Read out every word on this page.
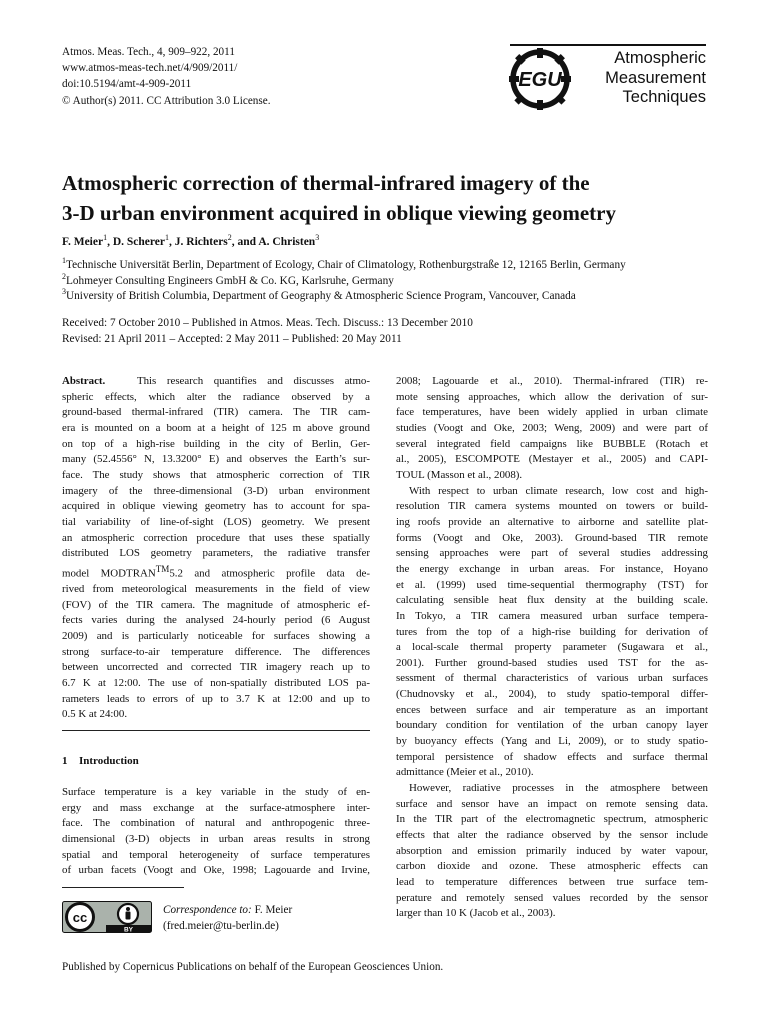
Atmos. Meas. Tech., 4, 909–922, 2011
www.atmos-meas-tech.net/4/909/2011/
doi:10.5194/amt-4-909-2011
© Author(s) 2011. CC Attribution 3.0 License.
EGU
Atmospheric
Measurement
Techniques
Atmospheric correction of thermal-infrared imagery of the
3-D urban environment acquired in oblique viewing geometry
F. Meier$^1$, D. Scherer$^1$, J. Richters$^2$, and A. Christen$^3$
$^1$Technische Universität Berlin, Department of Ecology, Chair of Climatology, Rothenburgstraße 12, 12165 Berlin, Germany
$^2$Lohmeyer Consulting Engineers GmbH & Co. KG, Karlsruhe, Germany
$^3$University of British Columbia, Department of Geography & Atmospheric Science Program, Vancouver, Canada
Received: 7 October 2010 – Published in Atmos. Meas. Tech. Discuss.: 13 December 2010
Revised: 21 April 2011 – Accepted: 2 May 2011 – Published: 20 May 2011
Abstract.	This research quantifies and discusses atmo-
spheric effects, which alter the radiance observed by a
ground-based thermal-infrared (TIR) camera. The TIR cam-
era is mounted on a boom at a height of 125 m above ground
on top of a high-rise building in the city of Berlin, Ger-
many (52.4556° N, 13.3200° E) and observes the Earth’s sur-
face. The study shows that atmospheric correction of TIR
imagery of the three-dimensional (3-D) urban environment
acquired in oblique viewing geometry has to account for spa-
tial variability of line-of-sight (LOS) geometry. We present
an atmospheric correction procedure that uses these spatially
distributed LOS geometry parameters, the radiative transfer
model MODTRAN™5.2 and atmospheric profile data de-
rived from meteorological measurements in the field of view
(FOV) of the TIR camera. The magnitude of atmospheric ef-
fects varies during the analysed 24-hourly period (6 August
2009) and is particularly noticeable for surfaces showing a
strong surface-to-air temperature difference. The differences
between uncorrected and corrected TIR imagery reach up to
6.7 K at 12:00. The use of non-spatially distributed LOS pa-
rameters leads to errors of up to 3.7 K at 12:00 and up to
0.5 K at 24:00.
1 Introduction
Surface temperature is a key variable in the study of en-
ergy and mass exchange at the surface-atmosphere inter-
face. The combination of natural and anthropogenic three-
dimensional (3-D) objects in urban areas results in strong
spatial and temporal heterogeneity of surface temperatures
of urban facets (Voogt and Oke, 1998; Lagouarde and Irvine,
cc
BY
Correspondence to: F. Meier
(fred.meier@tu-berlin.de)
2008; Lagouarde et al., 2010). Thermal-infrared (TIR) re-
mote sensing approaches, which allow the derivation of sur-
face temperatures, have been widely applied in urban climate
studies (Voogt and Oke, 2003; Weng, 2009) and were part of
several integrated field campaigns like BUBBLE (Rotach et
al., 2005), ESCOMPOTE (Mestayer et al., 2005) and CAPI-
TOUL (Masson et al., 2008).
With respect to urban climate research, low cost and high-
resolution TIR camera systems mounted on towers or build-
ing roofs provide an alternative to airborne and satellite plat-
forms (Voogt and Oke, 2003). Ground-based TIR remote
sensing approaches were part of several studies addressing
the energy exchange in urban areas. For instance, Hoyano
et al. (1999) used time-sequential thermography (TST) for
calculating sensible heat flux density at the building scale.
In Tokyo, a TIR camera measured urban surface tempera-
tures from the top of a high-rise building for derivation of
a local-scale thermal property parameter (Sugawara et al.,
2001). Further ground-based studies used TST for the as-
sessment of thermal characteristics of various urban surfaces
(Chudnovsky et al., 2004), to study spatio-temporal differ-
ences between surface and air temperature as an important
boundary condition for ventilation of the urban canopy layer
by buoyancy effects (Yang and Li, 2009), or to study spatio-
temporal persistence of shadow effects and surface thermal
admittance (Meier et al., 2010).
However, radiative processes in the atmosphere between
surface and sensor have an impact on remote sensing data.
In the TIR part of the electromagnetic spectrum, atmospheric
effects that alter the radiance observed by the sensor include
absorption and emission primarily induced by water vapour,
carbon dioxide and ozone. These atmospheric effects can
lead to temperature differences between true surface tem-
perature and remotely sensed values recorded by the sensor
larger than 10 K (Jacob et al., 2003).
Published by Copernicus Publications on behalf of the European Geosciences Union.
